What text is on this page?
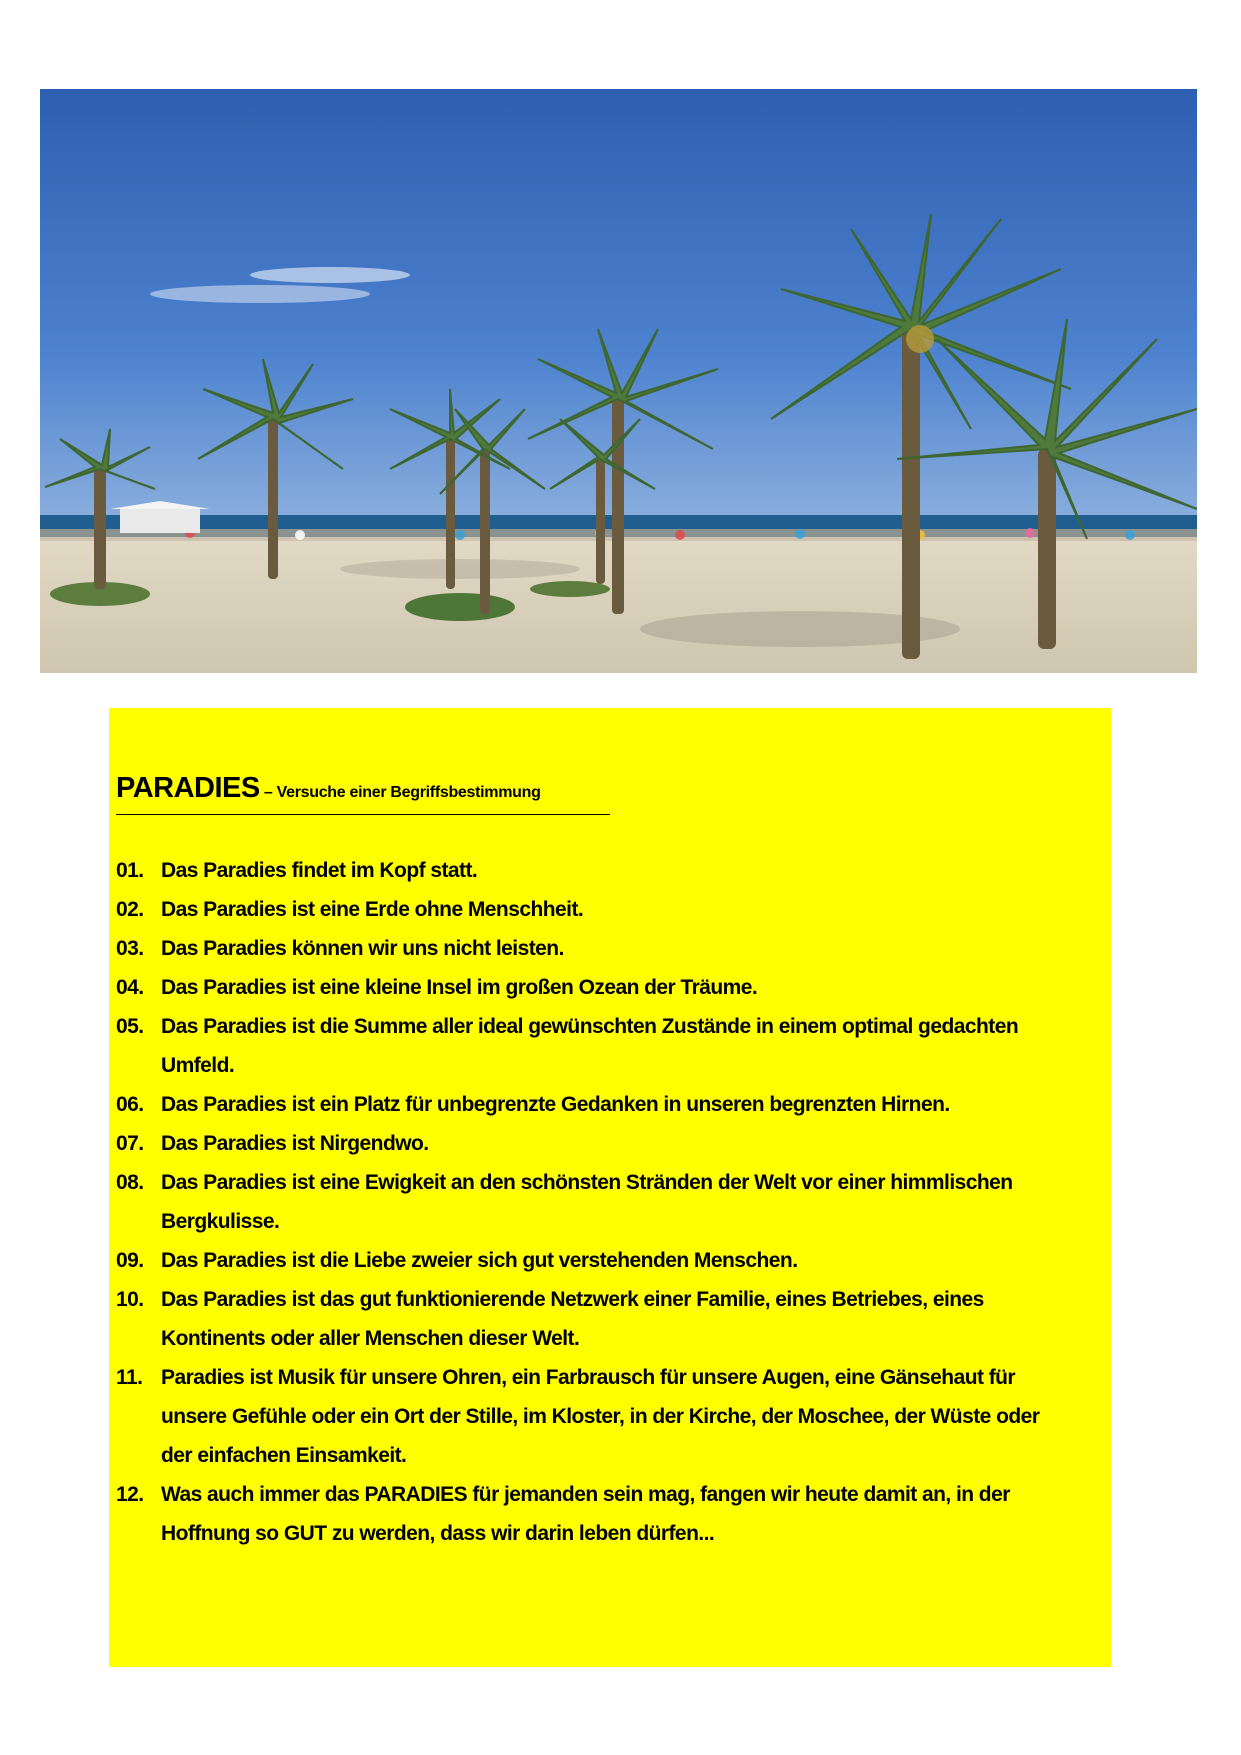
PARADIES – Versuche einer Begriffsbestimmung
01. Das Paradies findet im Kopf statt.
02. Das Paradies ist eine Erde ohne Menschheit.
03. Das Paradies können wir uns nicht leisten.
04. Das Paradies ist eine kleine Insel im großen Ozean der Träume.
05. Das Paradies ist die Summe aller ideal gewünschten Zustände in einem optimal gedachten Umfeld.
06. Das Paradies ist ein Platz für unbegrenzte Gedanken in unseren begrenzten Hirnen.
07. Das Paradies ist Nirgendwo.
08. Das Paradies ist eine Ewigkeit an den schönsten Stränden der Welt vor einer himmlischen Bergkulisse.
09. Das Paradies ist die Liebe zweier sich gut verstehenden Menschen.
10. Das Paradies ist das gut funktionierende Netzwerk einer Familie, eines Betriebes, eines Kontinents oder aller Menschen dieser Welt.
11. Paradies ist Musik für unsere Ohren, ein Farbrausch für unsere Augen, eine Gänsehaut für unsere Gefühle oder ein Ort der Stille, im Kloster, in der Kirche, der Moschee, der Wüste oder der einfachen Einsamkeit.
12. Was auch immer das PARADIES für jemanden sein mag, fangen wir heute damit an, in der Hoffnung so GUT zu werden, dass wir darin leben dürfen...
